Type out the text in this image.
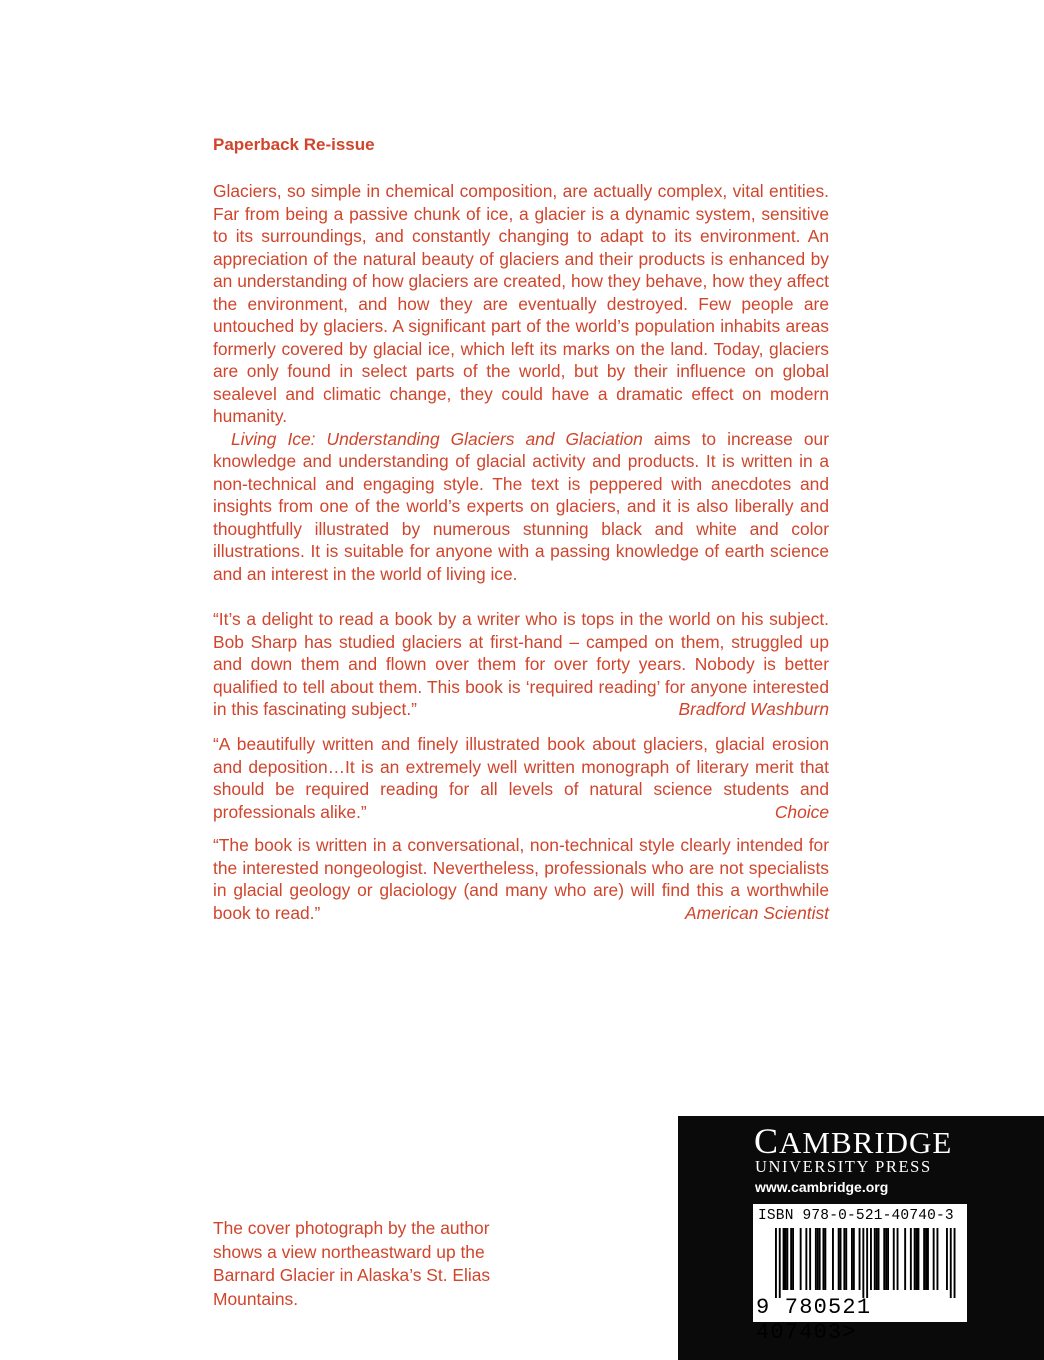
Paperback Re-issue

Glaciers, so simple in chemical composition, are actually complex, vital entities. Far from being a passive chunk of ice, a glacier is a dynamic system, sensitive to its surroundings, and constantly changing to adapt to its environment. An appreciation of the natural beauty of glaciers and their products is enhanced by an understanding of how glaciers are created, how they behave, how they affect the environment, and how they are eventually destroyed. Few people are untouched by glaciers. A significant part of the world’s population inhabits areas formerly covered by glacial ice, which left its marks on the land. Today, glaciers are only found in select parts of the world, but by their influence on global sealevel and climatic change, they could have a dramatic effect on modern humanity.

Living Ice: Understanding Glaciers and Glaciation aims to increase our knowledge and understanding of glacial activity and products. It is written in a non-technical and engaging style. The text is peppered with anecdotes and insights from one of the world’s experts on glaciers, and it is also liberally and thoughtfully illustrated by numerous stunning black and white and color illustrations. It is suitable for anyone with a passing knowledge of earth science and an interest in the world of living ice.

“It’s a delight to read a book by a writer who is tops in the world on his subject. Bob Sharp has studied glaciers at first-hand – camped on them, struggled up and down them and flown over them for over forty years. Nobody is better qualified to tell about them. This book is ‘required reading’ for anyone interested in this fascinating subject.”	Bradford Washburn
“A beautifully written and finely illustrated book about glaciers, glacial erosion and deposition…It is an extremely well written monograph of literary merit that should be required reading for all levels of natural science students and professionals alike.”	Choice
“The book is written in a conversational, non-technical style clearly intended for the interested nongeologist. Nevertheless, professionals who are not specialists in glacial geology or glaciology (and many who are) will find this a worthwhile book to read.”	American Scientist
The cover photograph by the author shows a view northeastward up the Barnard Glacier in Alaska’s St. Elias Mountains.
CAMBRIDGE
UNIVERSITY PRESS
www.cambridge.org
ISBN 978-0-521-40740-3
9 780521 407403>
